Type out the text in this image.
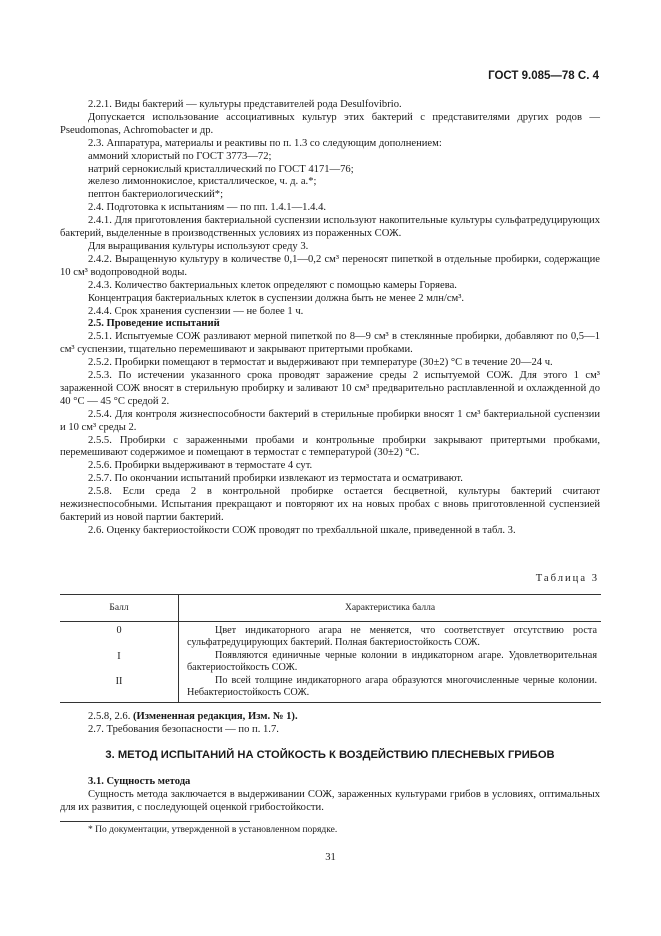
ГОСТ 9.085—78 С. 4

2.2.1. Виды бактерий — культуры представителей рода Desulfovibrio.

Допускается использование ассоциативных культур этих бактерий с представителями других родов — Pseudomonas, Achromobacter и др.

2.3. Аппаратура, материалы и реактивы по п. 1.3 со следующим дополнением:

аммоний хлористый по ГОСТ 3773—72;

натрий сернокислый кристаллический по ГОСТ 4171—76;

железо лимоннокислое, кристаллическое, ч. д. а.*;

пептон бактериологический*;

2.4. Подготовка к испытаниям — по пп. 1.4.1—1.4.4.

2.4.1. Для приготовления бактериальной суспензии используют накопительные культуры сульфатредуцирующих бактерий, выделенные в производственных условиях из пораженных СОЖ.

Для выращивания культуры используют среду 3.

2.4.2. Выращенную культуру в количестве 0,1—0,2 см³ переносят пипеткой в отдельные пробирки, содержащие 10 см³ водопроводной воды.

2.4.3. Количество бактериальных клеток определяют с помощью камеры Горяева.

Концентрация бактериальных клеток в суспензии должна быть не менее 2 млн/см³.

2.4.4. Срок хранения суспензии — не более 1 ч.

2.5. Проведение испытаний

2.5.1. Испытуемые СОЖ разливают мерной пипеткой по 8—9 см³ в стеклянные пробирки, добавляют по 0,5—1 см³ суспензии, тщательно перемешивают и закрывают притертыми пробками.

2.5.2. Пробирки помещают в термостат и выдерживают при температуре (30±2) °С в течение 20—24 ч.

2.5.3. По истечении указанного срока проводят заражение среды 2 испытуемой СОЖ. Для этого 1 см³ зараженной СОЖ вносят в стерильную пробирку и заливают 10 см³ предварительно расплавленной и охлажденной до 40 °С — 45 °С средой 2.

2.5.4. Для контроля жизнеспособности бактерий в стерильные пробирки вносят 1 см³ бактериальной суспензии и 10 см³ среды 2.

2.5.5. Пробирки с зараженными пробами и контрольные пробирки закрывают притертыми пробками, перемешивают содержимое и помещают в термостат с температурой (30±2) °С.

2.5.6. Пробирки выдерживают в термостате 4 сут.

2.5.7. По окончании испытаний пробирки извлекают из термостата и осматривают.

2.5.8. Если среда 2 в контрольной пробирке остается бесцветной, культуры бактерий считают нежизнеспособными. Испытания прекращают и повторяют их на новых пробах с вновь приготовленной суспензией бактерий из новой партии бактерий.

2.6. Оценку бактериостойкости СОЖ проводят по трехбалльной шкале, приведенной в табл. 3.

Таблица 3
Балл	Характеристика балла
0	Цвет индикаторного агара не меняется, что соответствует отсутствию роста сульфатредуцирующих бактерий. Полная бактериостойкость СОЖ.
I	Появляются единичные черные колонии в индикаторном агаре. Удовлетворительная бактериостойкость СОЖ.
II	По всей толщине индикаторного агара образуются многочисленные черные колонии. Небактериостойкость СОЖ.

2.5.8, 2.6. (Измененная редакция, Изм. № 1).

2.7. Требования безопасности — по п. 1.7.

3. МЕТОД ИСПЫТАНИЙ НА СТОЙКОСТЬ К ВОЗДЕЙСТВИЮ ПЛЕСНЕВЫХ ГРИБОВ

3.1. Сущность метода

Сущность метода заключается в выдерживании СОЖ, зараженных культурами грибов в условиях, оптимальных для их развития, с последующей оценкой грибостойкости.

* По документации, утвержденной в установленном порядке.
31
